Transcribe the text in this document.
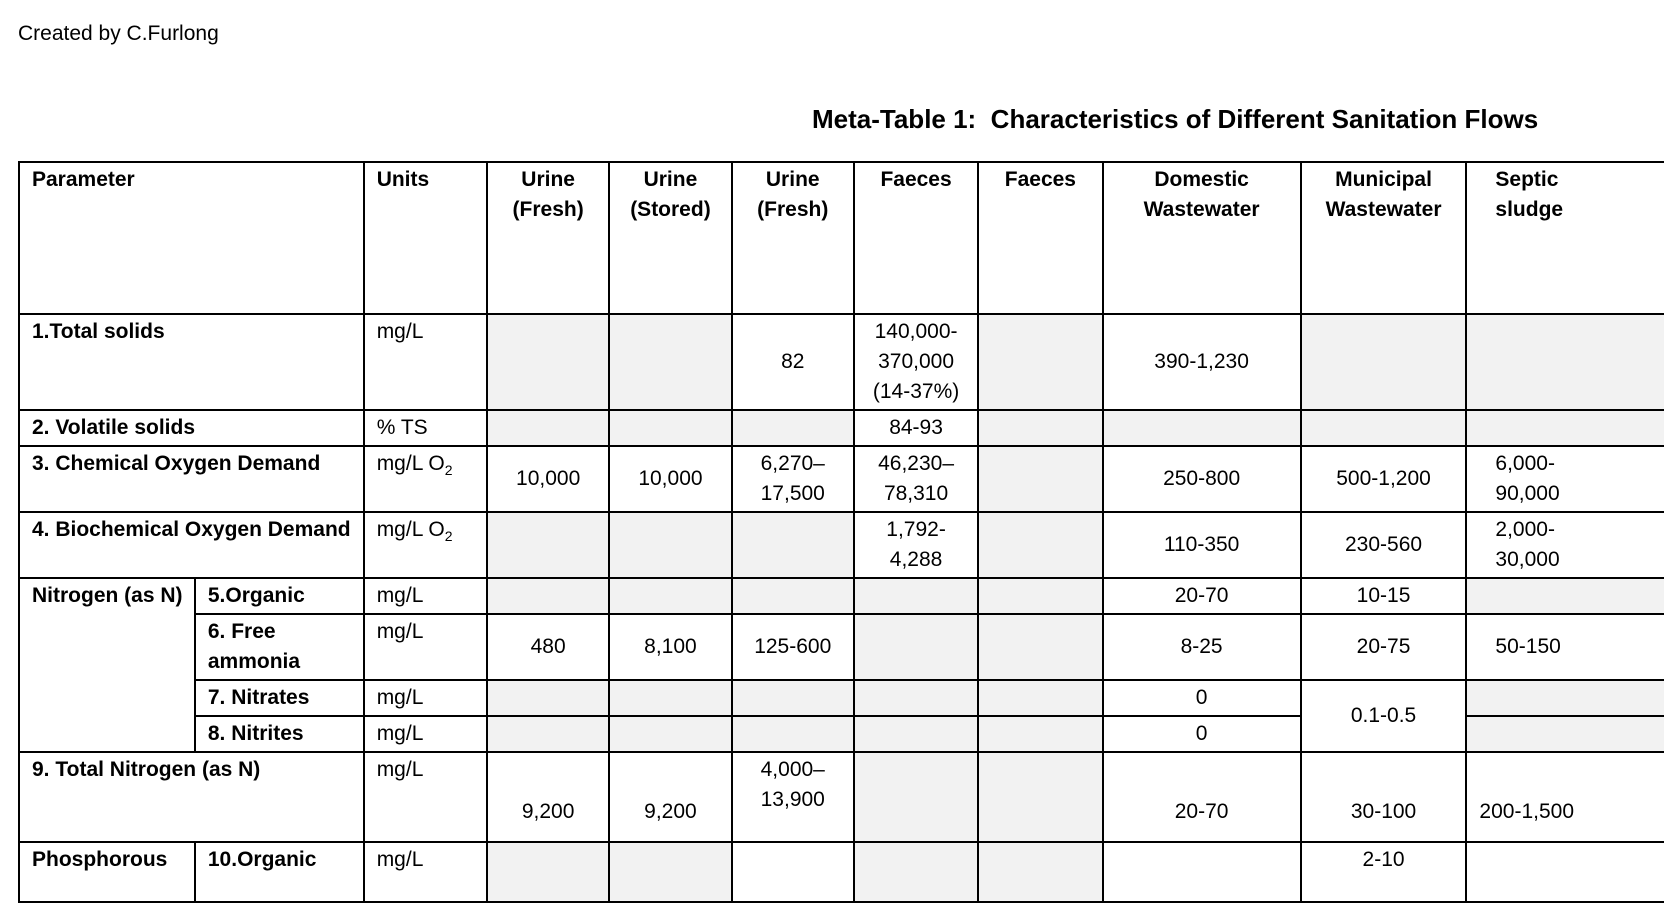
Created by C.Furlong
Meta-Table 1:  Characteristics of Different Sanitation Flows
Parameter		Units	Urine
(Fresh)	Urine
(Stored)	Urine
(Fresh)	Faeces	Faeces	Domestic
Wastewater	Municipal
Wastewater	Septic
sludge
1.Total solids		mg/L			82	140,000-
370,000
(14-37%)		390-1,230		
2. Volatile solids		% TS				84-93				
3. Chemical Oxygen Demand		mg/L $O_2$	10,000	10,000	6,270–
17,500	46,230–
78,310		250-800	500-1,200	6,000-
90,000
4. Biochemical Oxygen Demand		mg/L $O_2$				1,792-
4,288		110-350	230-560	2,000-
30,000
Nitrogen (as N)	5.Organic	mg/L						20-70	10-15	
	6. Free
ammonia	mg/L	480	8,100	125-600			8-25	20-75	50-150
	7. Nitrates	mg/L						0	0.1-0.5	
	8. Nitrites	mg/L						0		
9. Total Nitrogen (as N)		mg/L	9,200	9,200	4,000–
13,900			20-70	30-100	200-1,500
Phosphorous	10.Organic	mg/L							2-10	
